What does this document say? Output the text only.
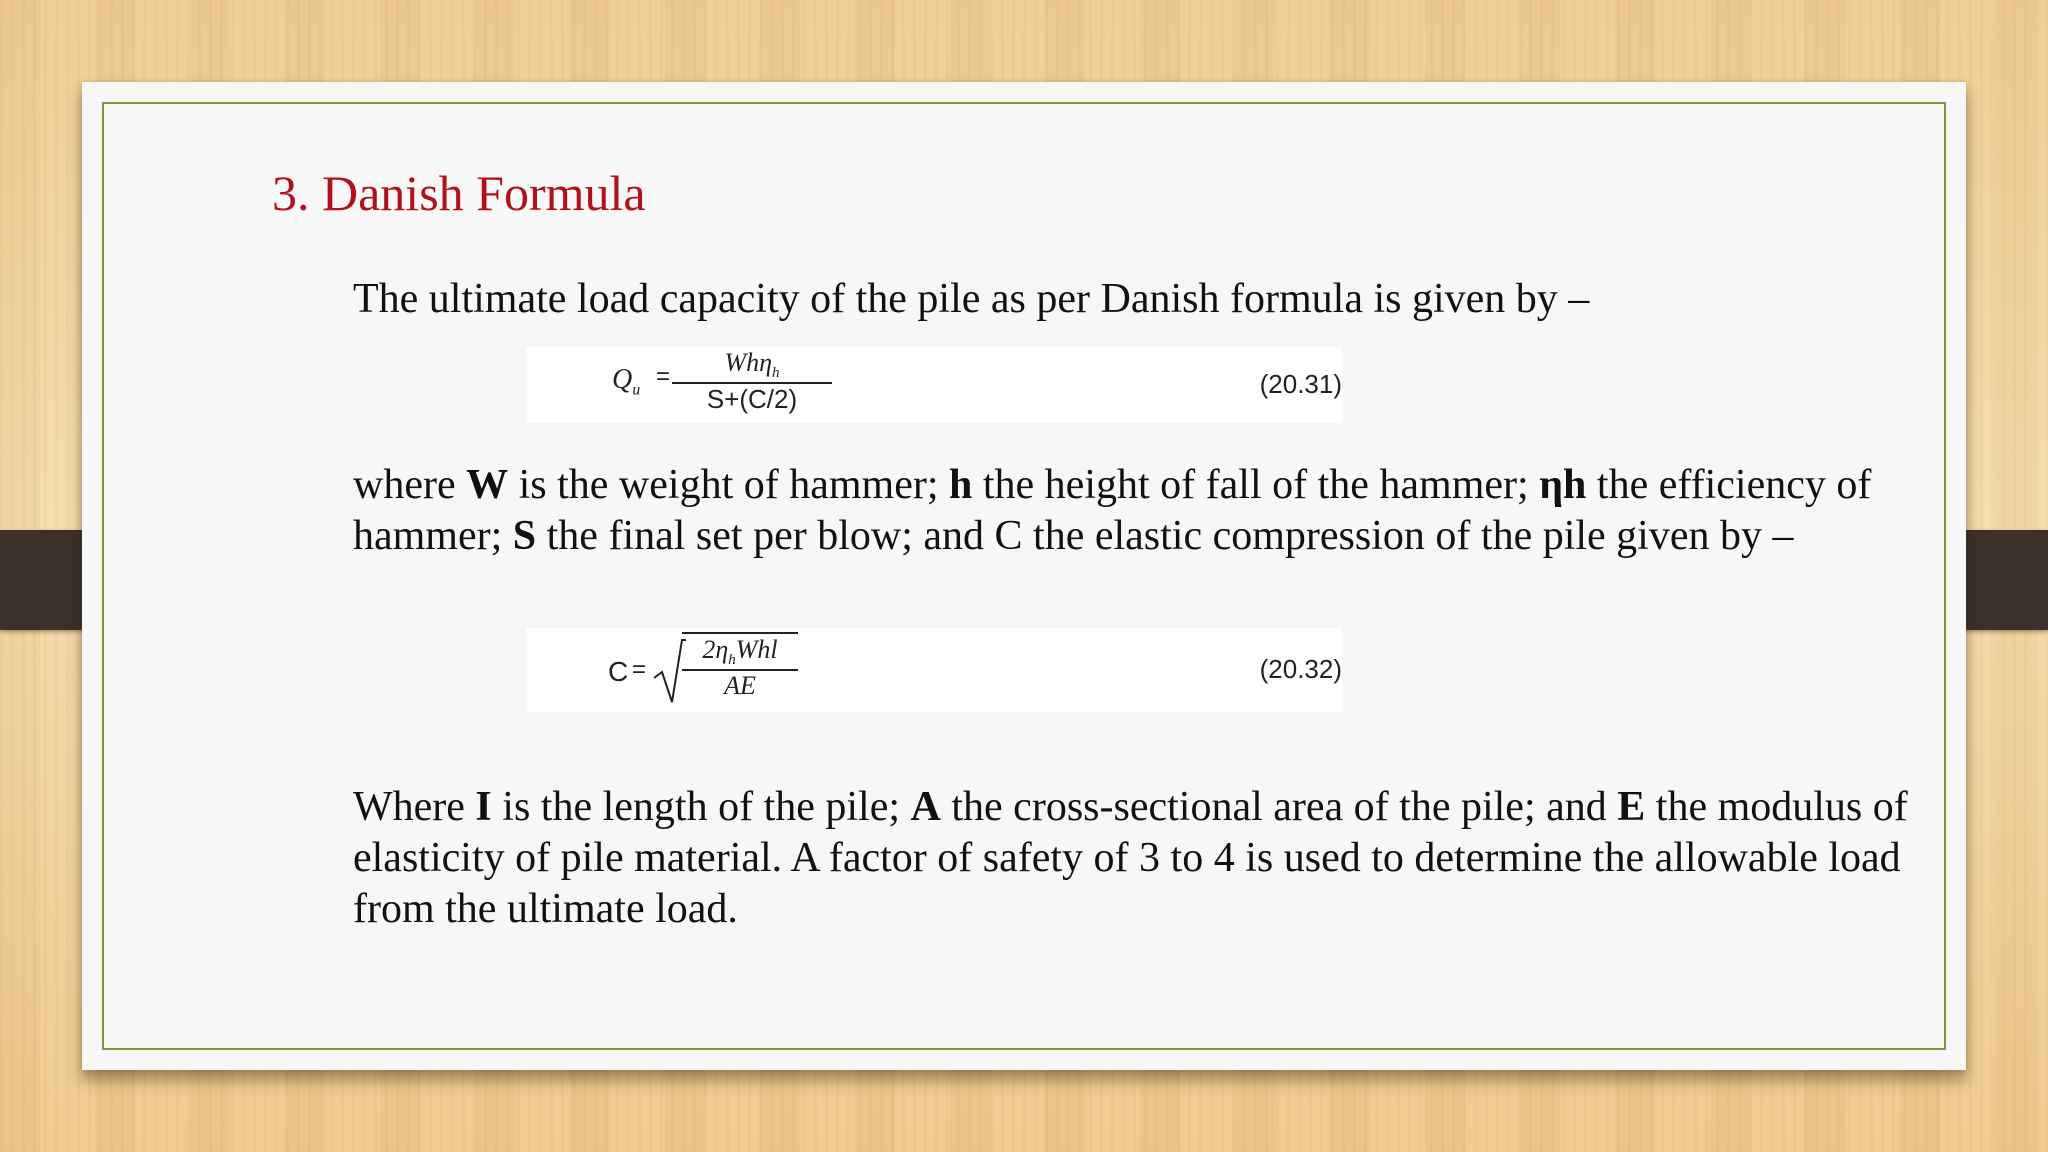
3. Danish Formula
The ultimate load capacity of the pile as per Danish formula is given by –
$Q_u$
=	Whη$_h$
S+(C/2)
(20.31)
where W is the weight of hammer; h the height of fall of the hammer; ηh the efficiency of hammer; S the final set per blow; and C the elastic compression of the pile given by –
C =
$2\eta_hWhl$
AE
(20.32)
Where I is the length of the pile; A the cross-sectional area of the pile; and E the modulus of elasticity of pile material. A factor of safety of 3 to 4 is used to determine the allowable load from the ultimate load.
